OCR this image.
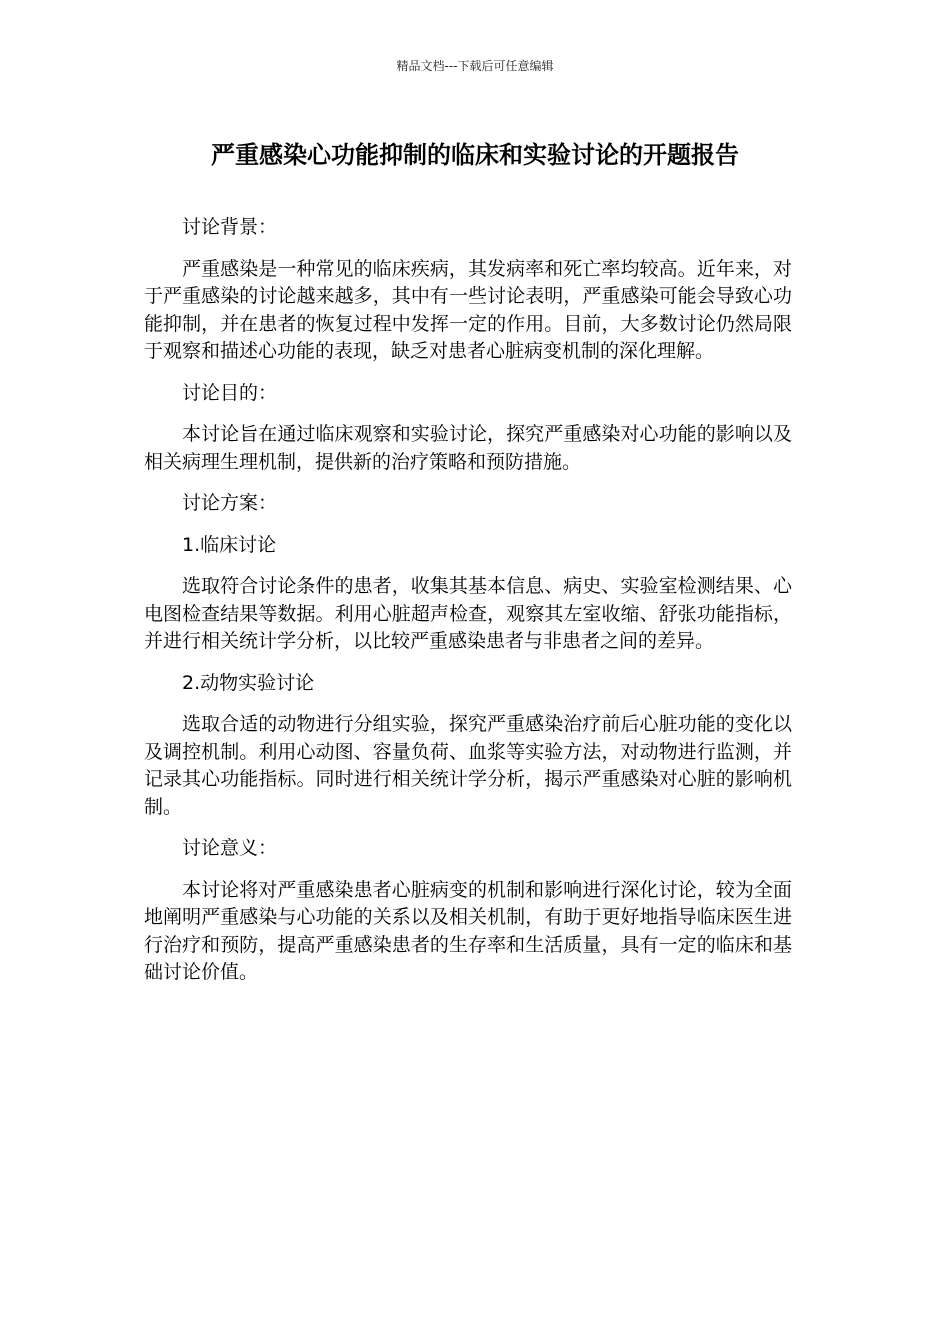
精品文档---下载后可任意编辑
严重感染心功能抑制的临床和实验讨论的开题报告

讨论背景：

严重感染是一种常见的临床疾病，其发病率和死亡率均较高。近年来，对于严重感染的讨论越来越多，其中有一些讨论表明，严重感染可能会导致心功能抑制，并在患者的恢复过程中发挥一定的作用。目前，大多数讨论仍然局限于观察和描述心功能的表现，缺乏对患者心脏病变机制的深化理解。

讨论目的：

本讨论旨在通过临床观察和实验讨论，探究严重感染对心功能的影响以及相关病理生理机制，提供新的治疗策略和预防措施。

讨论方案：

1.临床讨论

选取符合讨论条件的患者，收集其基本信息、病史、实验室检测结果、心电图检查结果等数据。利用心脏超声检查，观察其左室收缩、舒张功能指标，并进行相关统计学分析，以比较严重感染患者与非患者之间的差异。

2.动物实验讨论

选取合适的动物进行分组实验，探究严重感染治疗前后心脏功能的变化以及调控机制。利用心动图、容量负荷、血浆等实验方法，对动物进行监测，并记录其心功能指标。同时进行相关统计学分析，揭示严重感染对心脏的影响机制。

讨论意义：

本讨论将对严重感染患者心脏病变的机制和影响进行深化讨论，较为全面地阐明严重感染与心功能的关系以及相关机制，有助于更好地指导临床医生进行治疗和预防，提高严重感染患者的生存率和生活质量，具有一定的临床和基础讨论价值。
